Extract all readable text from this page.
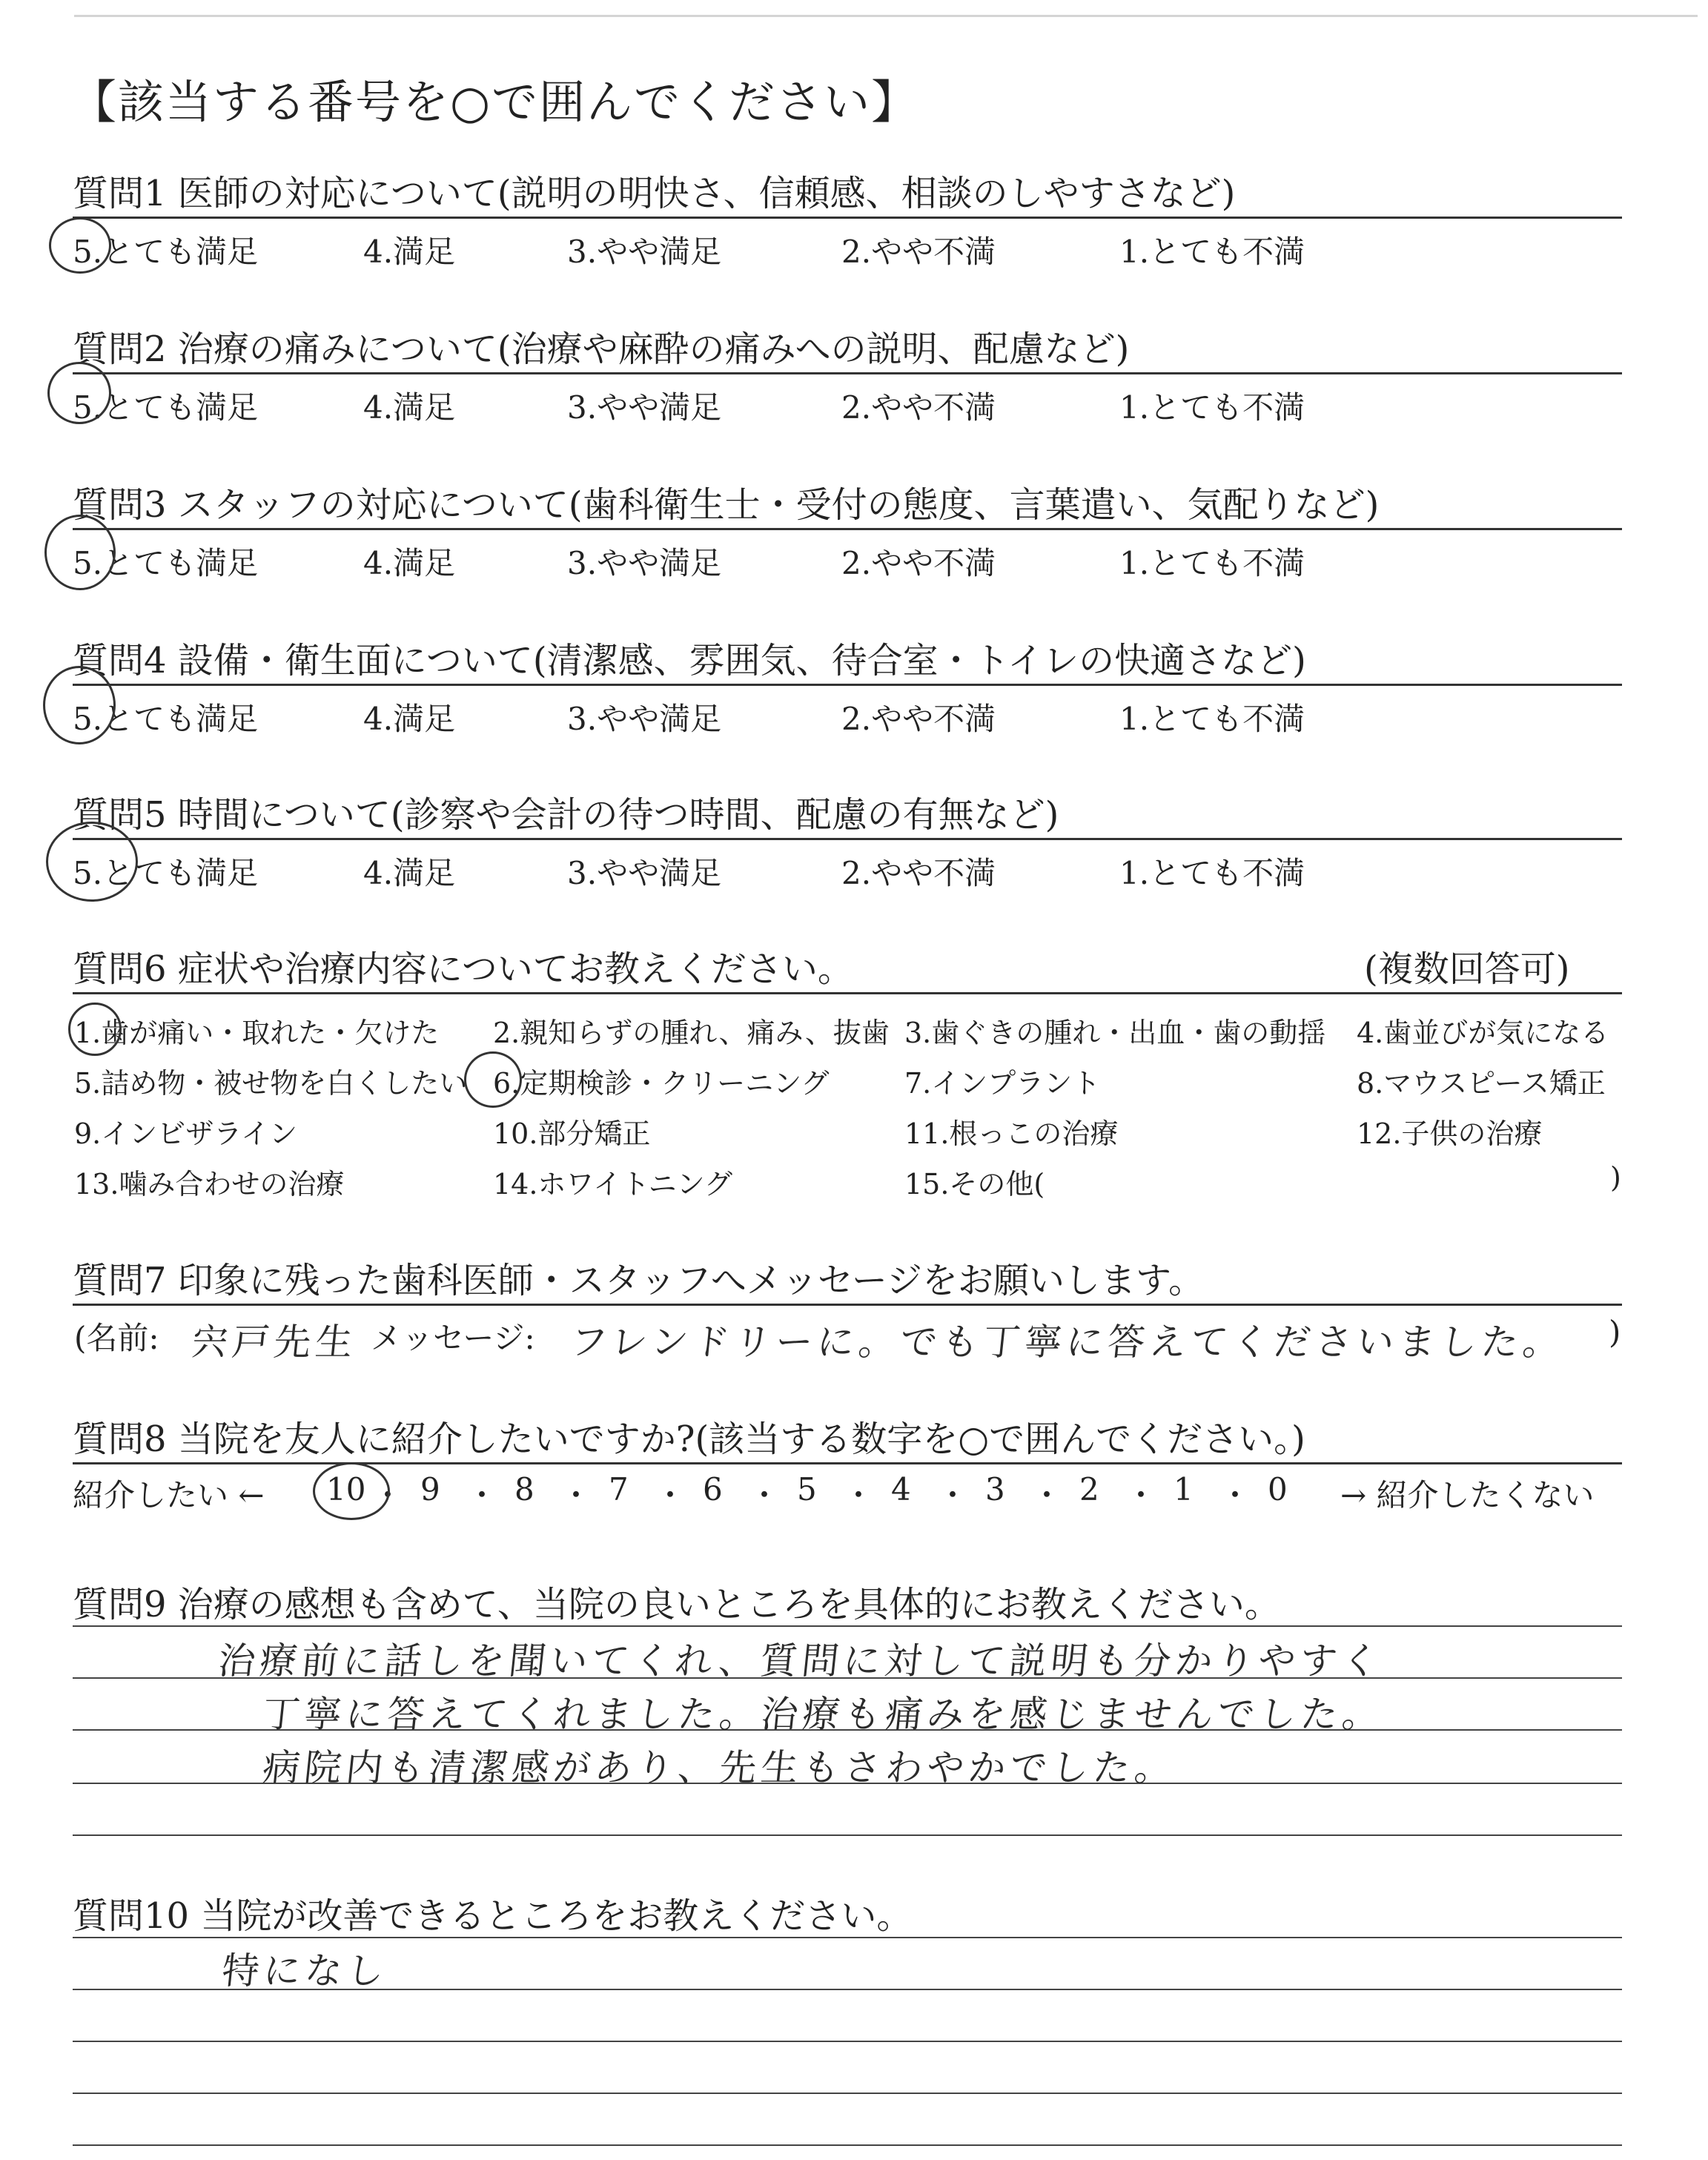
【該当する番号を○で囲んでください】
質問1 医師の対応について(説明の明快さ、信頼感、相談のしやすさなど)
5.とても満足	4.満足	3.やや満足	2.やや不満	1.とても不満
質問2 治療の痛みについて(治療や麻酔の痛みへの説明、配慮など)
5.とても満足	4.満足	3.やや満足	2.やや不満	1.とても不満
質問3 スタッフの対応について(歯科衛生士・受付の態度、言葉遣い、気配りなど)
5.とても満足	4.満足	3.やや満足	2.やや不満	1.とても不満
質問4 設備・衛生面について(清潔感、雰囲気、待合室・トイレの快適さなど)
5.とても満足	4.満足	3.やや満足	2.やや不満	1.とても不満
質問5 時間について(診察や会計の待つ時間、配慮の有無など)
5.とても満足	4.満足	3.やや満足	2.やや不満	1.とても不満
質問6 症状や治療内容についてお教えください。	(複数回答可)
1.歯が痛い・取れた・欠けた 2.親知らずの腫れ、痛み、抜歯 3.歯ぐきの腫れ・出血・歯の動揺 4.歯並びが気になる
5.詰め物・被せ物を白くしたい 6.定期検診・クリーニング	7.インプラント	8.マウスピース矯正
9.インビザライン	10.部分矯正	11.根っこの治療	12.子供の治療
13.噛み合わせの治療	14.ホワイトニング	15.その他(	)
質問7 印象に残った歯科医師・スタッフへメッセージをお願いします。
(名前: 宍戸先生 メッセージ: フレンドリーに。でも丁寧に答えてくださいました。 )
質問8 当院を友人に紹介したいですか?(該当する数字を○で囲んでください。)
紹介したい ← 10 ・ 9 ・ 8 ・ 7 ・ 6 ・ 5 ・ 4 ・ 3 ・ 2 ・ 1 ・ 0 → 紹介したくない
質問9 治療の感想も含めて、当院の良いところを具体的にお教えください。
治療前に話しを聞いてくれ、質問に対して説明も分かりやすく
丁寧に答えてくれました。治療も痛みを感じませんでした。
病院内も清潔感があり、先生もさわやかでした。
質問10 当院が改善できるところをお教えください。
特になし
